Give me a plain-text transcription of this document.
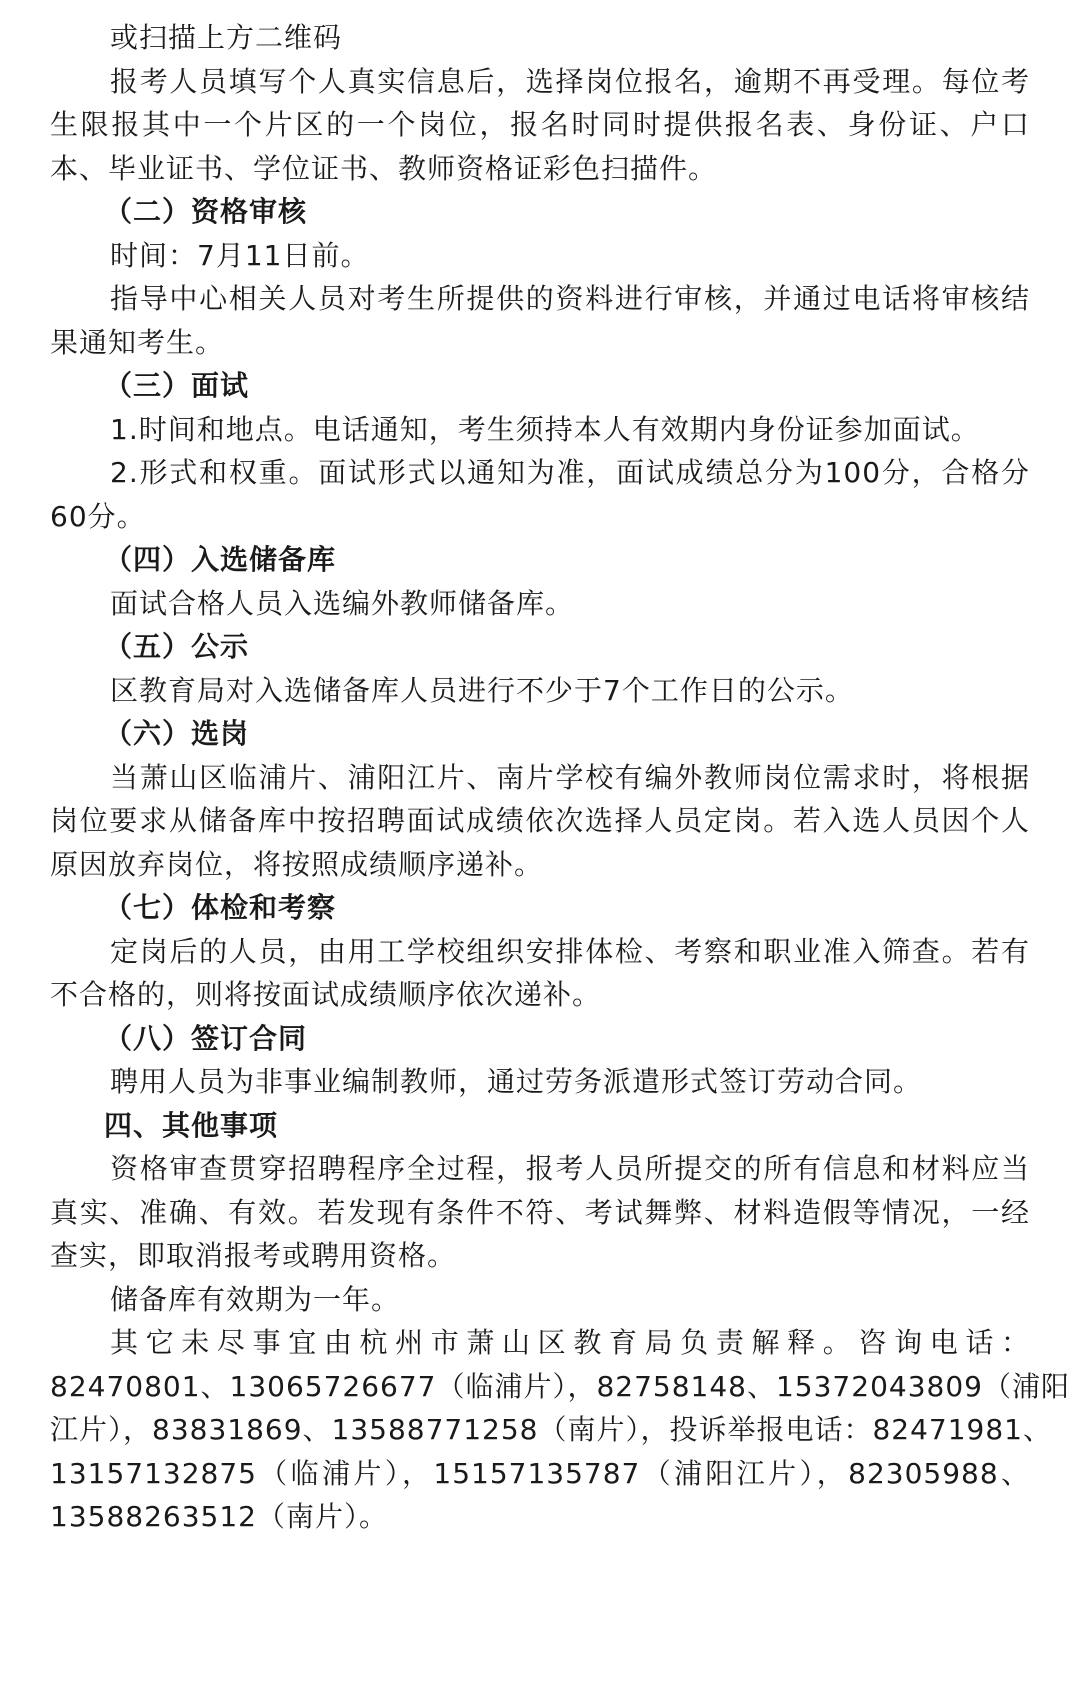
或扫描上方二维码

报考人员填写个人真实信息后，选择岗位报名，逾期不再受理。每位考

生限报其中一个片区的一个岗位，报名时同时提供报名表、身份证、户口

本、毕业证书、学位证书、教师资格证彩色扫描件。

（二）资格审核

时间：7月11日前。

指导中心相关人员对考生所提供的资料进行审核，并通过电话将审核结

果通知考生。

（三）面试

1.时间和地点。电话通知，考生须持本人有效期内身份证参加面试。

2.形式和权重。面试形式以通知为准，面试成绩总分为100分，合格分

60分。

（四）入选储备库

面试合格人员入选编外教师储备库。

（五）公示

区教育局对入选储备库人员进行不少于7个工作日的公示。

（六）选岗

当萧山区临浦片、浦阳江片、南片学校有编外教师岗位需求时，将根据

岗位要求从储备库中按招聘面试成绩依次选择人员定岗。若入选人员因个人

原因放弃岗位，将按照成绩顺序递补。

（七）体检和考察

定岗后的人员，由用工学校组织安排体检、考察和职业准入筛查。若有

不合格的，则将按面试成绩顺序依次递补。

（八）签订合同

聘用人员为非事业编制教师，通过劳务派遣形式签订劳动合同。

四、其他事项

资格审查贯穿招聘程序全过程，报考人员所提交的所有信息和材料应当

真实、准确、有效。若发现有条件不符、考试舞弊、材料造假等情况，一经

查实，即取消报考或聘用资格。

储备库有效期为一年。

其它未尽事宜由杭州市萧山区教育局负责解释。咨询电话：

82470801、13065726677（临浦片），82758148、15372043809（浦阳

江片），83831869、13588771258（南片），投诉举报电话：82471981、

13157132875（临浦片），15157135787（浦阳江片），82305988、

13588263512（南片）。
